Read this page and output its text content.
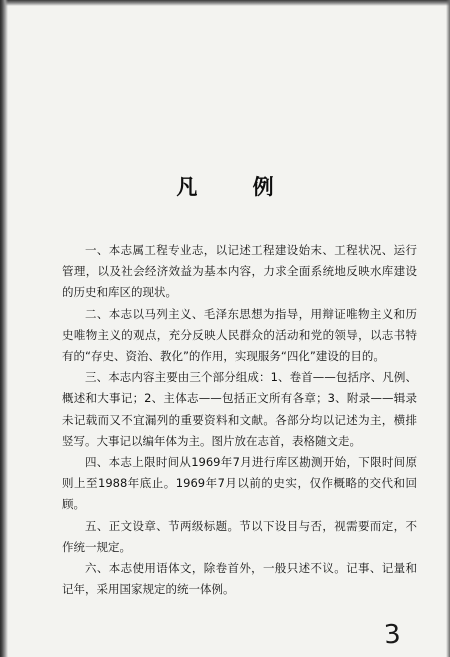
凡 例

一、本志属工程专业志，以记述工程建设始末、工程状况、运行管理，以及社会经济效益为基本内容，力求全面系统地反映水库建设的历史和库区的现状。

二、本志以马列主义、毛泽东思想为指导，用辩证唯物主义和历史唯物主义的观点，充分反映人民群众的活动和党的领导，以志书特有的“存史、资治、教化”的作用，实现服务“四化”建设的目的。

三、本志内容主要由三个部分组成：1、卷首——包括序、凡例、概述和大事记；2、主体志——包括正文所有各章；3、附录——辑录未记载而又不宜漏列的重要资料和文献。各部分均以记述为主，横排竖写。大事记以编年体为主。图片放在志首，表格随文走。

四、本志上限时间从1969年7月进行库区勘测开始，下限时间原则上至1988年底止。1969年7月以前的史实，仅作概略的交代和回顾。

五、正文设章、节两级标题。节以下设目与否，视需要而定，不作统一规定。

六、本志使用语体文，除卷首外，一般只述不议。记事、记量和记年，采用国家规定的统一体例。

3
